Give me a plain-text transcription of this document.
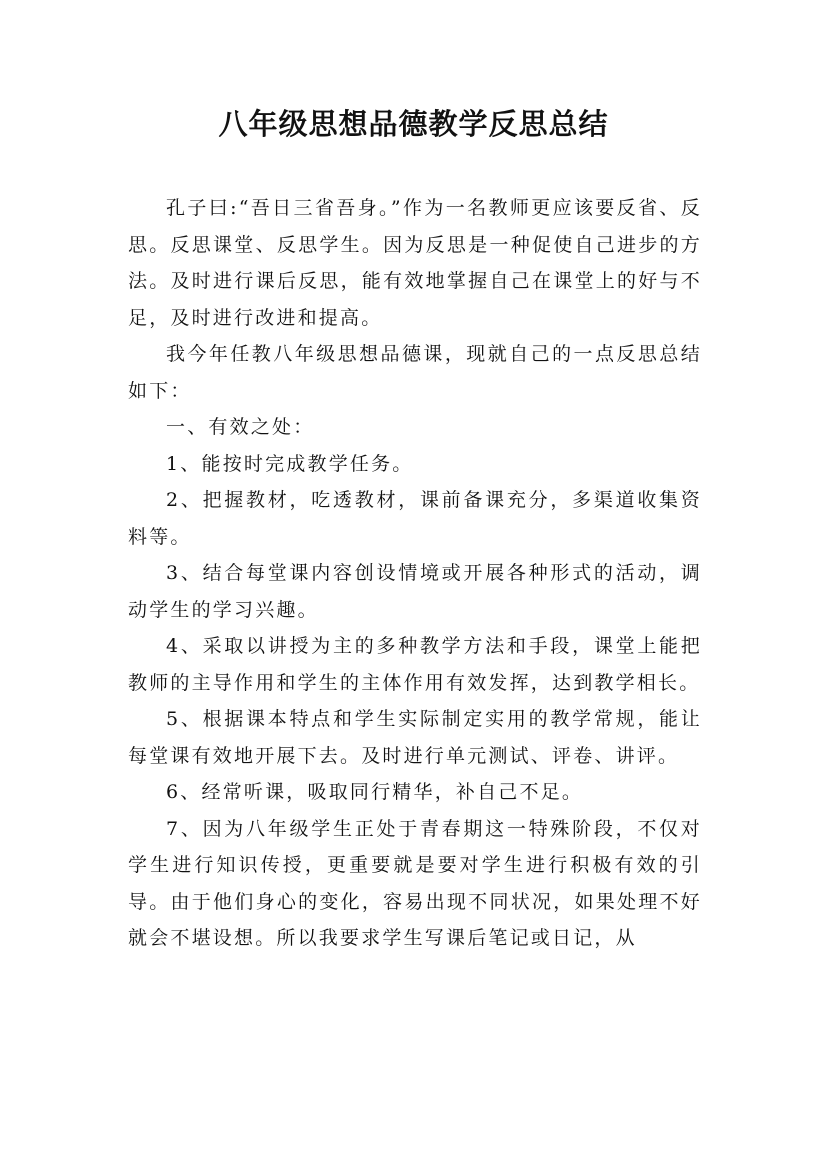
八年级思想品德教学反思总结

孔子曰:“吾日三省吾身。”作为一名教师更应该要反省、反思。反思课堂、反思学生。因为反思是一种促使自己进步的方法。及时进行课后反思，能有效地掌握自己在课堂上的好与不足，及时进行改进和提高。

我今年任教八年级思想品德课，现就自己的一点反思总结如下：

一、有效之处：

1、能按时完成教学任务。

2、把握教材，吃透教材，课前备课充分，多渠道收集资料等。

3、结合每堂课内容创设情境或开展各种形式的活动，调动学生的学习兴趣。

4、采取以讲授为主的多种教学方法和手段，课堂上能把教师的主导作用和学生的主体作用有效发挥，达到教学相长。

5、根据课本特点和学生实际制定实用的教学常规，能让每堂课有效地开展下去。及时进行单元测试、评卷、讲评。

6、经常听课，吸取同行精华，补自己不足。

7、因为八年级学生正处于青春期这一特殊阶段，不仅对学生进行知识传授，更重要就是要对学生进行积极有效的引导。由于他们身心的变化，容易出现不同状况，如果处理不好就会不堪设想。所以我要求学生写课后笔记或日记，从
